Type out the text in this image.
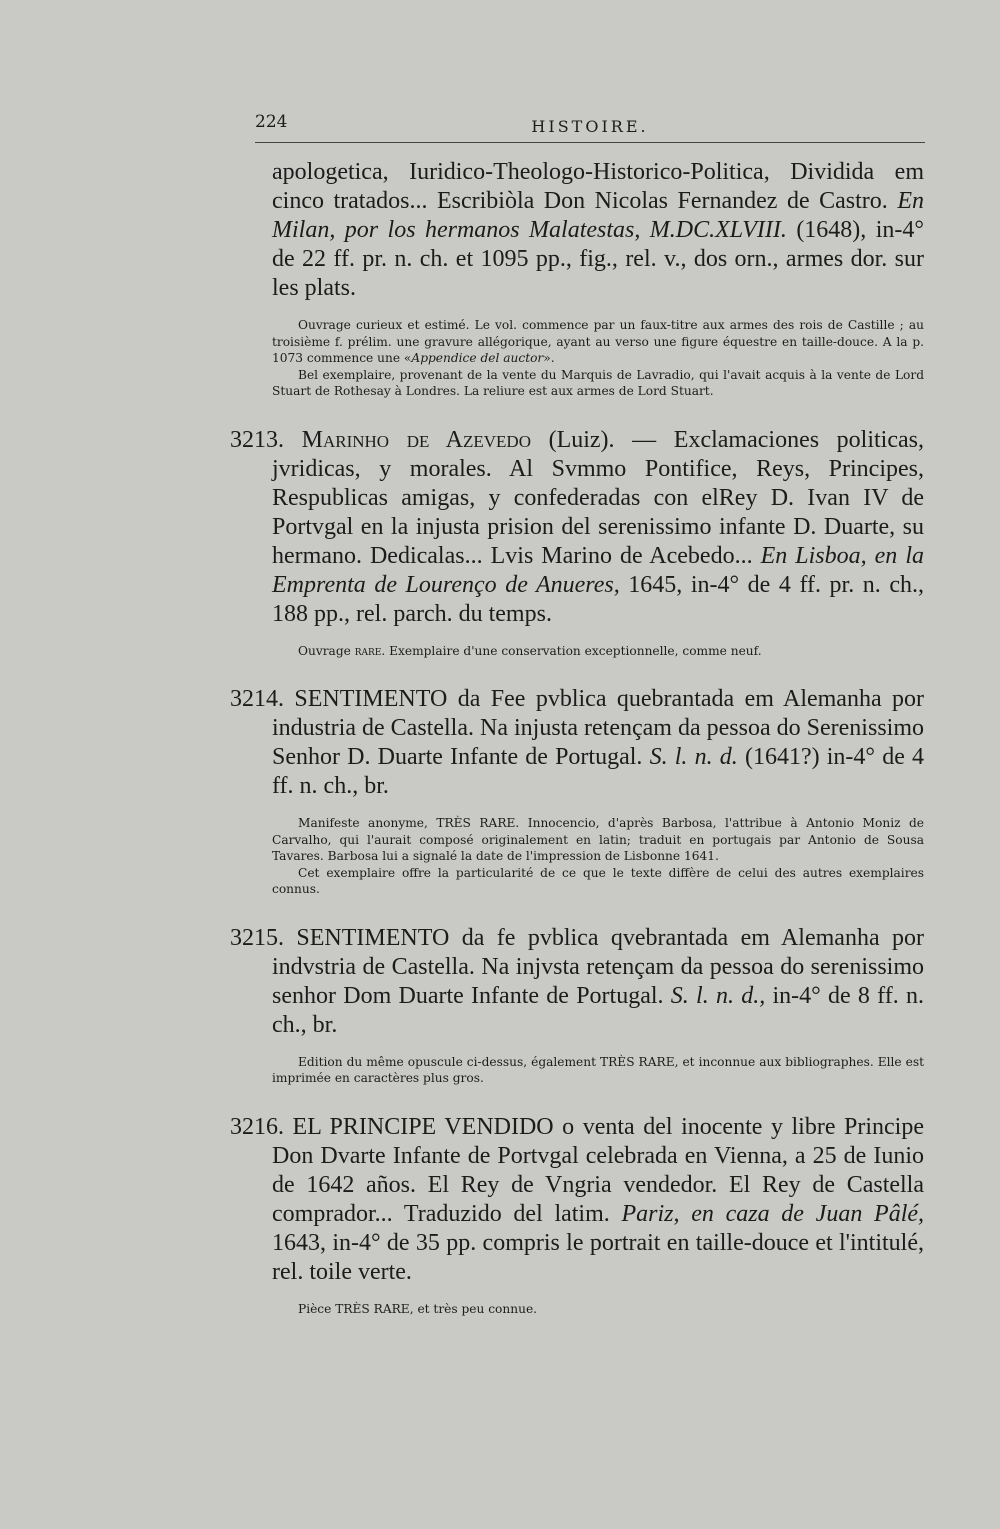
224	HISTOIRE.

apologetica, Iuridico-Theologo-Historico-Politica, Dividida em cinco tratados... Escribiòla Don Nicolas Fernandez de Castro. En Milan, por los hermanos Malatestas, M.DC.XLVIII. (1648), in-4° de 22 ff. pr. n. ch. et 1095 pp., fig., rel. v., dos orn., armes dor. sur les plats.

Ouvrage curieux et estimé. Le vol. commence par un faux-titre aux armes des rois de Castille ; au troisième f. prélim. une gravure allégorique, ayant au verso une figure équestre en taille-douce. A la p. 1073 commence une «Appendice del auctor».

Bel exemplaire, provenant de la vente du Marquis de Lavradio, qui l'avait acquis à la vente de Lord Stuart de Rothesay à Londres. La reliure est aux armes de Lord Stuart.

3213. Marinho de Azevedo (Luiz). — Exclamaciones politicas, jvridicas, y morales. Al Svmmo Pontifice, Reys, Principes, Respublicas amigas, y confederadas con elRey D. Ivan IV de Portvgal en la injusta prision del serenissimo infante D. Duarte, su hermano. Dedicalas... Lvis Marino de Acebedo... En Lisboa, en la Emprenta de Lourenço de Anueres, 1645, in-4° de 4 ff. pr. n. ch., 188 pp., rel. parch. du temps.

Ouvrage rare. Exemplaire d'une conservation exceptionnelle, comme neuf.

3214. SENTIMENTO da Fee pvblica quebrantada em Alemanha por industria de Castella. Na injusta retençam da pessoa do Serenissimo Senhor D. Duarte Infante de Portugal. S. l. n. d. (1641?) in-4° de 4 ff. n. ch., br.

Manifeste anonyme, TRÈS RARE. Innocencio, d'après Barbosa, l'attribue à Antonio Moniz de Carvalho, qui l'aurait composé originalement en latin; traduit en portugais par Antonio de Sousa Tavares. Barbosa lui a signalé la date de l'impression de Lisbonne 1641.

Cet exemplaire offre la particularité de ce que le texte diffère de celui des autres exemplaires connus.

3215. SENTIMENTO da fe pvblica qvebrantada em Alemanha por indvstria de Castella. Na injvsta retençam da pessoa do serenissimo senhor Dom Duarte Infante de Portugal. S. l. n. d., in-4° de 8 ff. n. ch., br.

Edition du même opuscule ci-dessus, également TRÈS RARE, et inconnue aux bibliographes. Elle est imprimée en caractères plus gros.

3216. EL PRINCIPE VENDIDO o venta del inocente y libre Principe Don Dvarte Infante de Portvgal celebrada en Vienna, a 25 de Iunio de 1642 años. El Rey de Vngria vendedor. El Rey de Castella comprador... Traduzido del latim. Pariz, en caza de Juan Pâlé, 1643, in-4° de 35 pp. compris le portrait en taille-douce et l'intitulé, rel. toile verte.

Pièce TRÈS RARE, et très peu connue.
